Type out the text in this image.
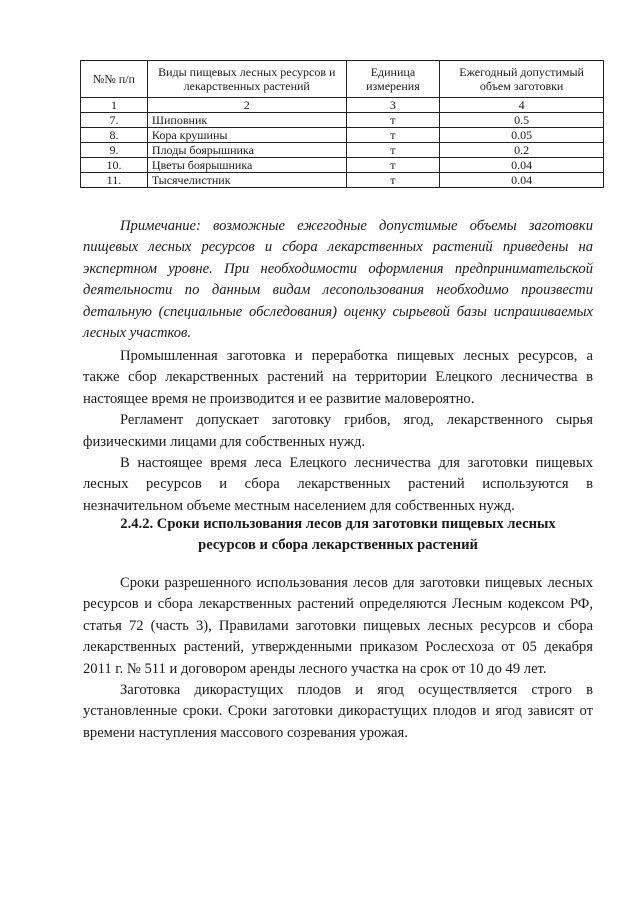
№№ п/п	Виды пищевых лесных ресурсов и лекарственных растений	Единица измерения	Ежегодный допустимый объем заготовки
1	2	3	4
7.	Шиповник	т	0.5
8.	Кора крушины	т	0.05
9.	Плоды боярышника	т	0.2
10.	Цветы боярышника	т	0.04
11.	Тысячелистник	т	0.04

Примечание: возможные ежегодные допустимые объемы заготовки пищевых лесных ресурсов и сбора лекарственных растений приведены на экспертном уровне. При необходимости оформления предпринимательской деятельности по данным видам лесопользования необходимо произвести детальную (специальные обследования) оценку сырьевой базы испрашиваемых лесных участков.

Промышленная заготовка и переработка пищевых лесных ресурсов, а также сбор лекарственных растений на территории Елецкого лесничества в настоящее время не производится и ее развитие маловероятно.

Регламент допускает заготовку грибов, ягод, лекарственного сырья физическими лицами для собственных нужд.

В настоящее время леса Елецкого лесничества для заготовки пищевых лесных ресурсов и сбора лекарственных растений используются в незначительном объеме местным населением для собственных нужд.

2.4.2. Сроки использования лесов для заготовки пищевых лесных
ресурсов и сбора лекарственных растений

Сроки разрешенного использования лесов для заготовки пищевых лесных ресурсов и сбора лекарственных растений определяются Лесным кодексом РФ, статья 72 (часть 3), Правилами заготовки пищевых лесных ресурсов и сбора лекарственных растений, утвержденными приказом Рослесхоза от 05 декабря 2011 г. № 511 и договором аренды лесного участка на срок от 10 до 49 лет.

Заготовка дикорастущих плодов и ягод осуществляется строго в установленные сроки. Сроки заготовки дикорастущих плодов и ягод зависят от времени наступления массового созревания урожая.
